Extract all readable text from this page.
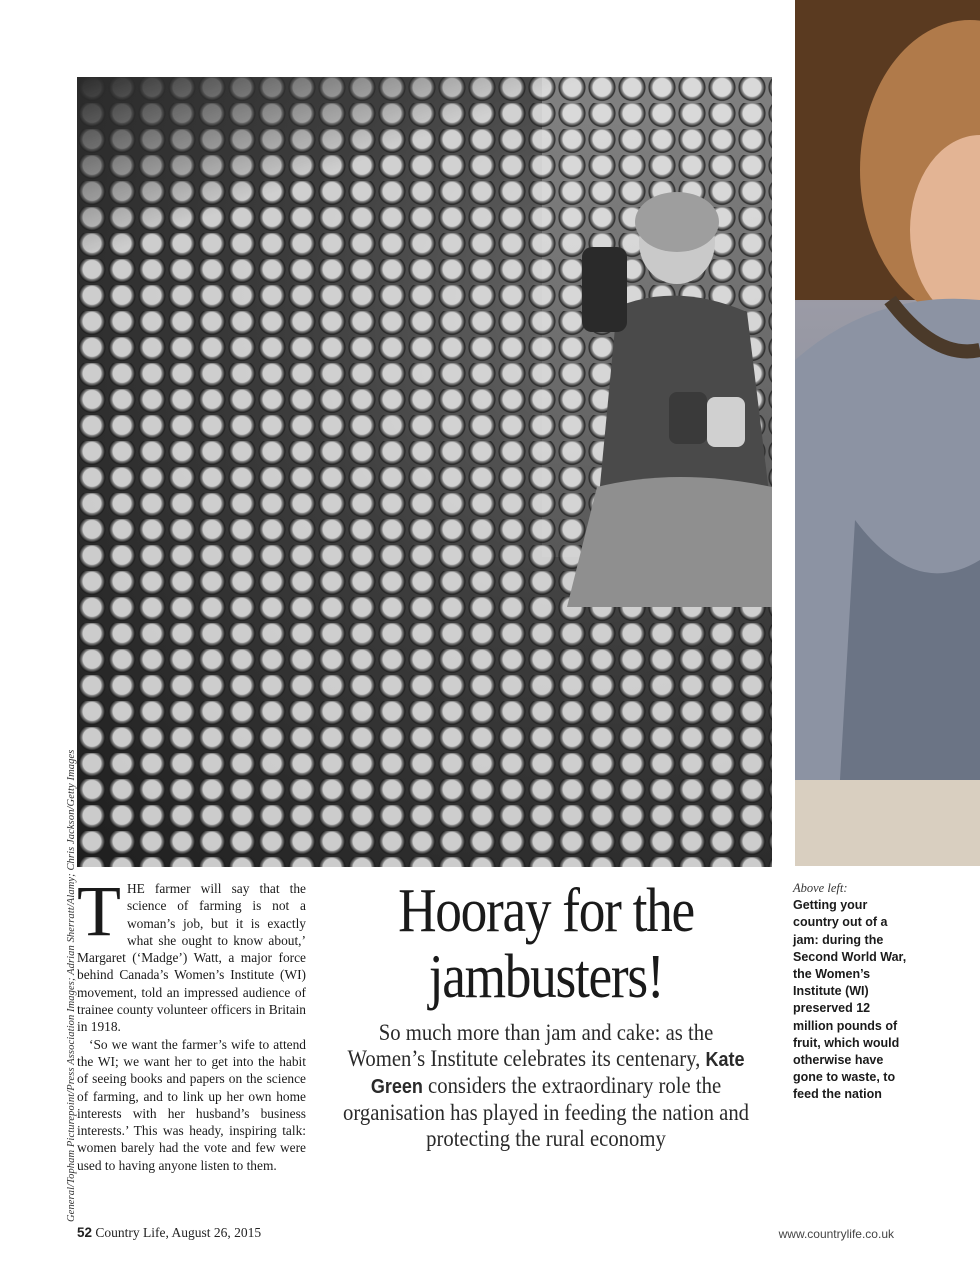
General/Topham Picturepoint/Press Association Images; Adrian Sherratt/Alamy; Chris Jackson/Getty Images THE farmer will say that the science of farming is not a woman’s job, but it is exactly what she ought to know about,’ Margaret (‘Madge’) Watt, a major force behind Canada’s Women’s Institute (WI) movement, told an impressed audience of trainee county volunteer officers in Britain in 1918.

‘So we want the farmer’s wife to attend the WI; we want her to get into the habit of seeing books and papers on the science of farming, and to link up her own home interests with her husband’s business interests.’ This was heady, inspiring talk: women barely had the vote and few were used to having anyone listen to them.

Hooray for the
jambusters!
So much more than jam and cake: as the Women’s Institute celebrates its centenary, Kate Green considers the extraordinary role the organisation has played in feeding the nation and protecting the rural economy
Above left:
Getting your country out of a jam: during the Second World War, the Women’s Institute (WI) preserved 12 million pounds of fruit, which would otherwise have gone to waste, to feed the nation
52 Country Life, August 26, 2015	www.countrylife.co.uk
